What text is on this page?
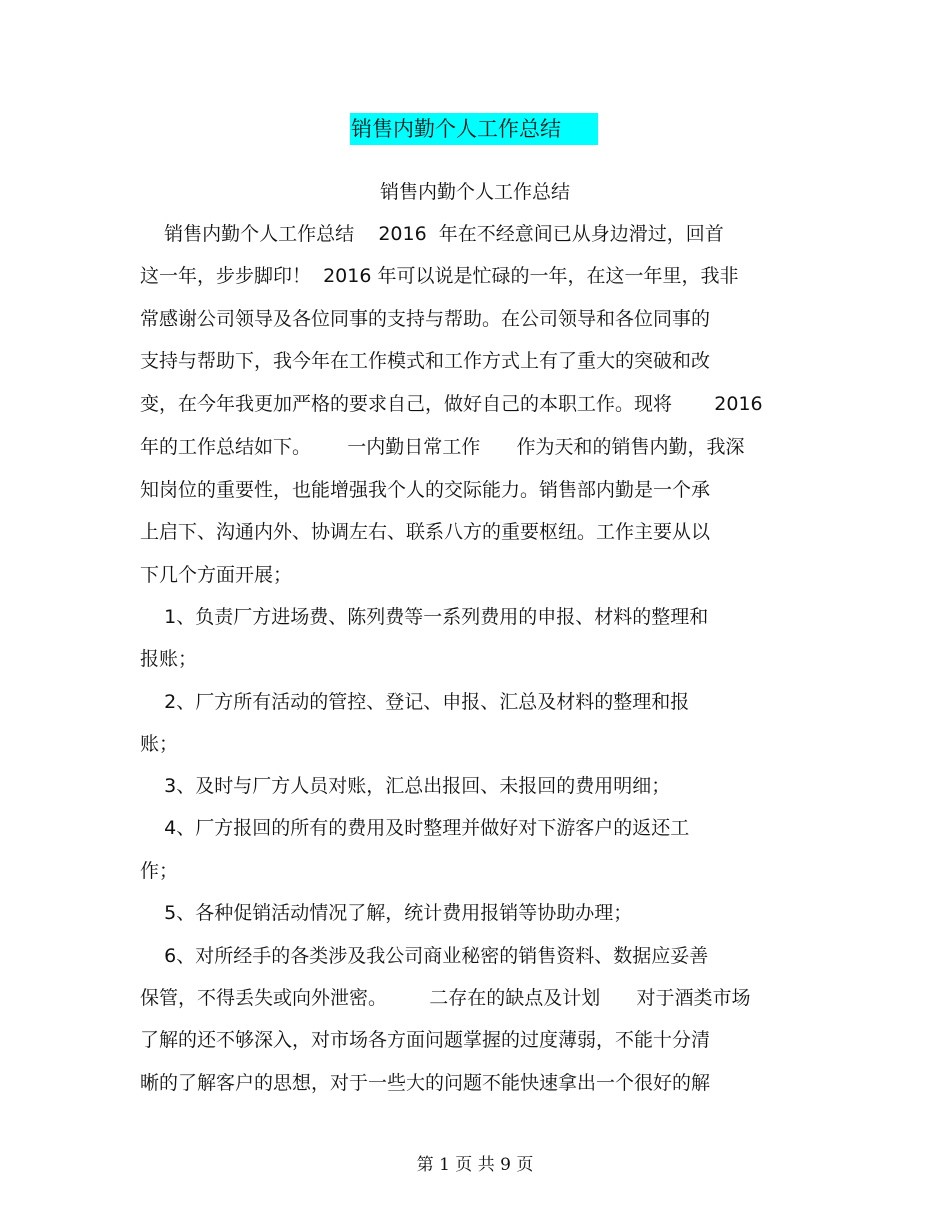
销售内勤个人工作总结
销售内勤个人工作总结
销售内勤个人工作总结    2016  年在不经意间已从身边滑过，回首
这一年，步步脚印！  2016 年可以说是忙碌的一年，在这一年里，我非
常感谢公司领导及各位同事的支持与帮助。在公司领导和各位同事的
支持与帮助下，我今年在工作模式和工作方式上有了重大的突破和改
变，在今年我更加严格的要求自己，做好自己的本职工作。现将       2016
年的工作总结如下。      一内勤日常工作      作为天和的销售内勤，我深
知岗位的重要性，也能增强我个人的交际能力。销售部内勤是一个承
上启下、沟通内外、协调左右、联系八方的重要枢纽。工作主要从以
下几个方面开展；
1、负责厂方进场费、陈列费等一系列费用的申报、材料的整理和
报账；
2、厂方所有活动的管控、登记、申报、汇总及材料的整理和报
账；
3、及时与厂方人员对账，汇总出报回、未报回的费用明细；
4、厂方报回的所有的费用及时整理并做好对下游客户的返还工
作；
5、各种促销活动情况了解，统计费用报销等协助办理；
6、对所经手的各类涉及我公司商业秘密的销售资料、数据应妥善
保管，不得丢失或向外泄密。       二存在的缺点及计划      对于酒类市场
了解的还不够深入，对市场各方面问题掌握的过度薄弱，不能十分清
晰的了解客户的思想，对于一些大的问题不能快速拿出一个很好的解
第 1 页 共 9 页
